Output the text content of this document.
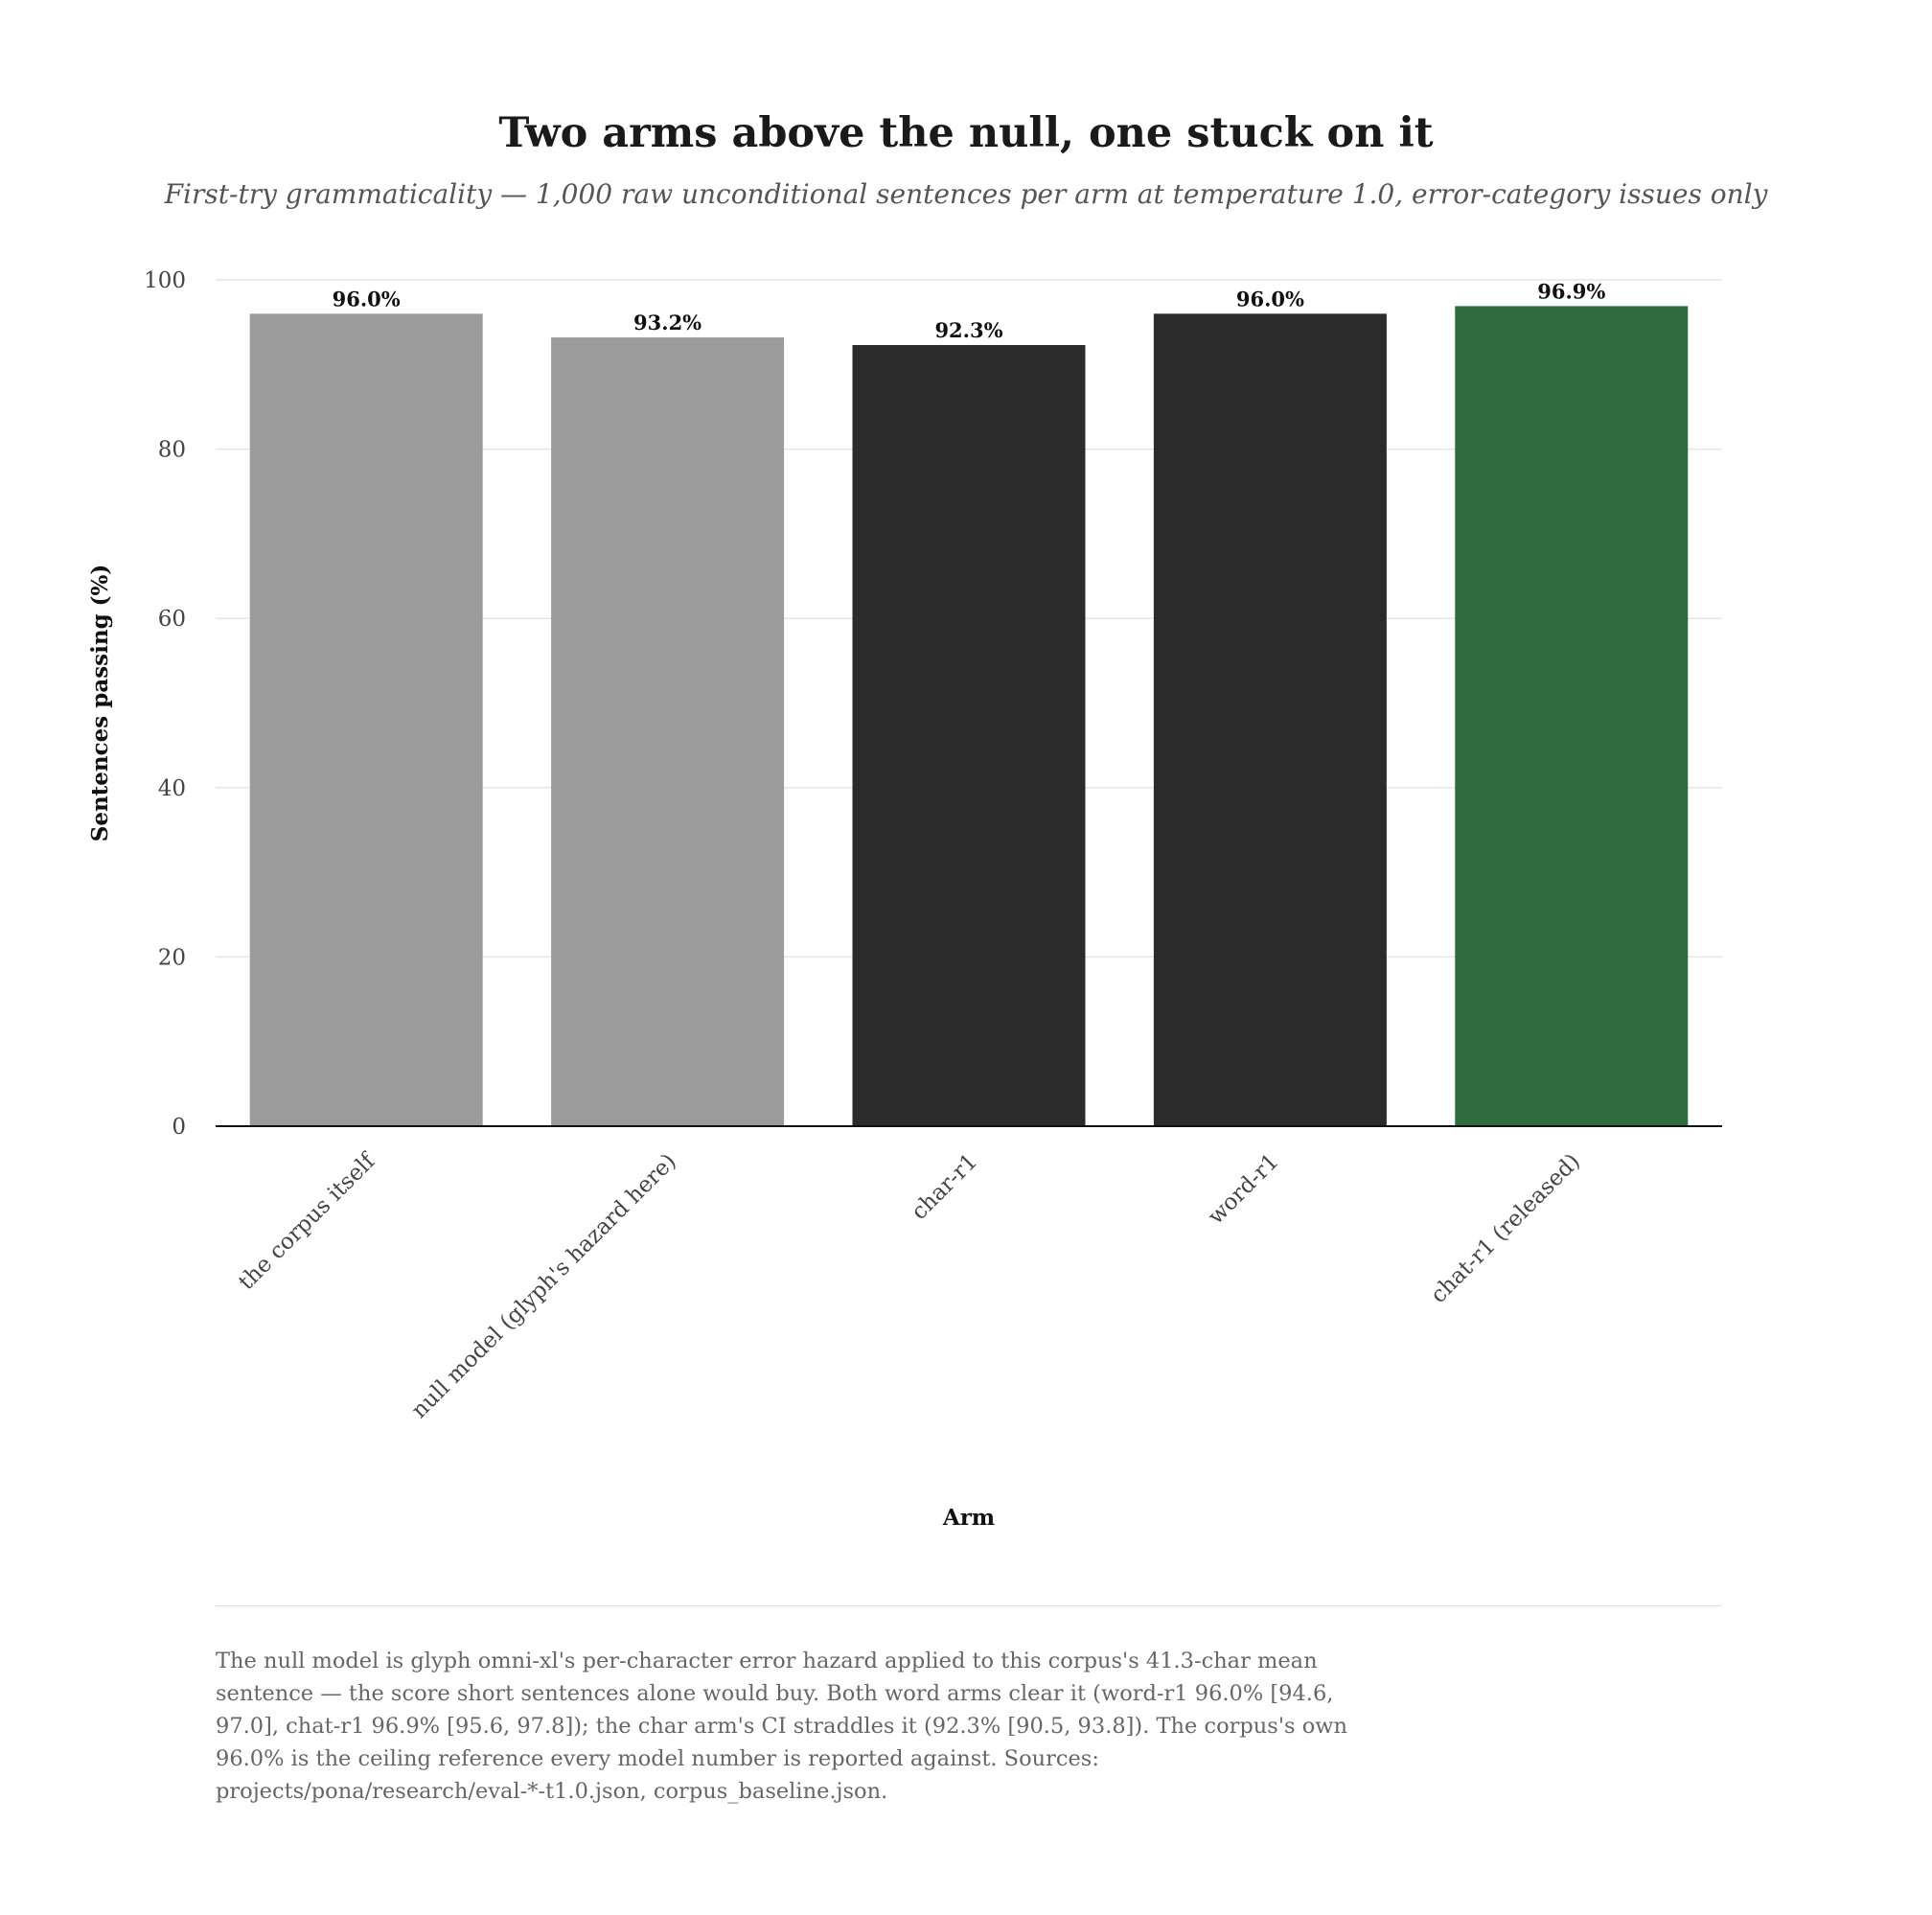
Two arms above the null, one stuck on it

First-try grammaticality — 1,000 raw unconditional sentences per arm at temperature 1.0, error-category issues only

0
20
40
60
80
100
96.0%
93.2%	92.3%
96.0%	96.9%
the corpus itself null model (glyph's hazard here)	char-r1	word-r1	chat-r1 (released)
Sentences passing (%)
Arm

The null model is glyph omni-xl's per-character error hazard applied to this corpus's 41.3-char mean sentence — the score short sentences alone would buy. Both word arms clear it (word-r1 96.0% [94.6, 97.0], chat-r1 96.9% [95.6, 97.8]); the char arm's CI straddles it (92.3% [90.5, 93.8]). The corpus's own 96.0% is the ceiling reference every model number is reported against. Sources: projects/pona/research/eval-*-t1.0.json, corpus_baseline.json.
